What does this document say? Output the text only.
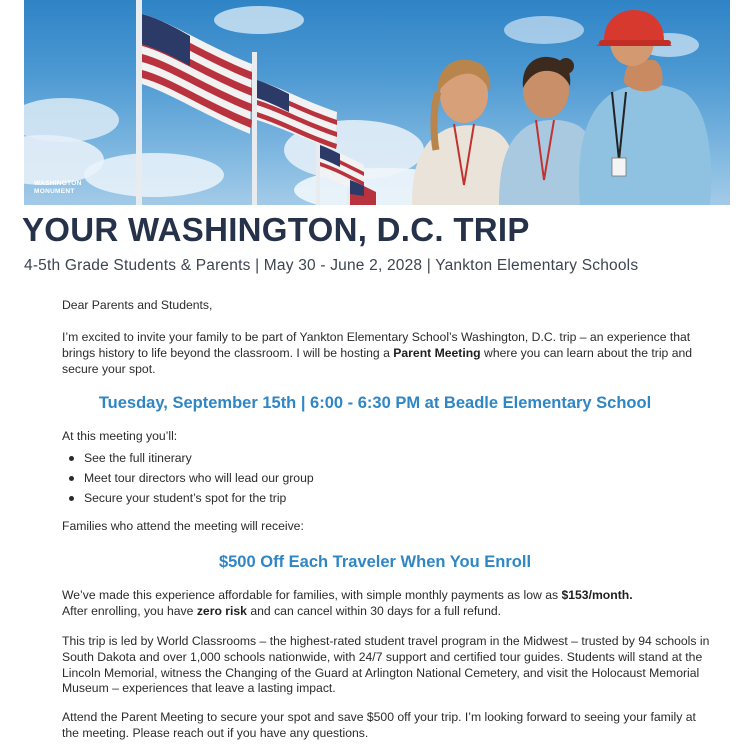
WASHINGTON
MONUMENT
YOUR WASHINGTON, D.C. TRIP

4-5th Grade Students & Parents | May 30 - June 2, 2028 | Yankton Elementary Schools

Dear Parents and Students,

I’m excited to invite your family to be part of Yankton Elementary School’s Washington, D.C. trip – an experience that brings history to life beyond the classroom. I will be hosting a Parent Meeting where you can learn about the trip and secure your spot.

Tuesday, September 15th | 6:00 - 6:30 PM at Beadle Elementary School

At this meeting you’ll:

See the full itinerary
Meet tour directors who will lead our group
Secure your student’s spot for the trip

Families who attend the meeting will receive:

$500 Off Each Traveler When You Enroll

We’ve made this experience affordable for families, with simple monthly payments as low as $153/month.
After enrolling, you have zero risk and can cancel within 30 days for a full refund.

This trip is led by World Classrooms – the highest-rated student travel program in the Midwest – trusted by 94 schools in South Dakota and over 1,000 schools nationwide, with 24/7 support and certified tour guides. Students will stand at the Lincoln Memorial, witness the Changing of the Guard at Arlington National Cemetery, and visit the Holocaust Memorial Museum – experiences that leave a lasting impact.

Attend the Parent Meeting to secure your spot and save $500 off your trip. I’m looking forward to seeing your family at the meeting. Please reach out if you have any questions.
